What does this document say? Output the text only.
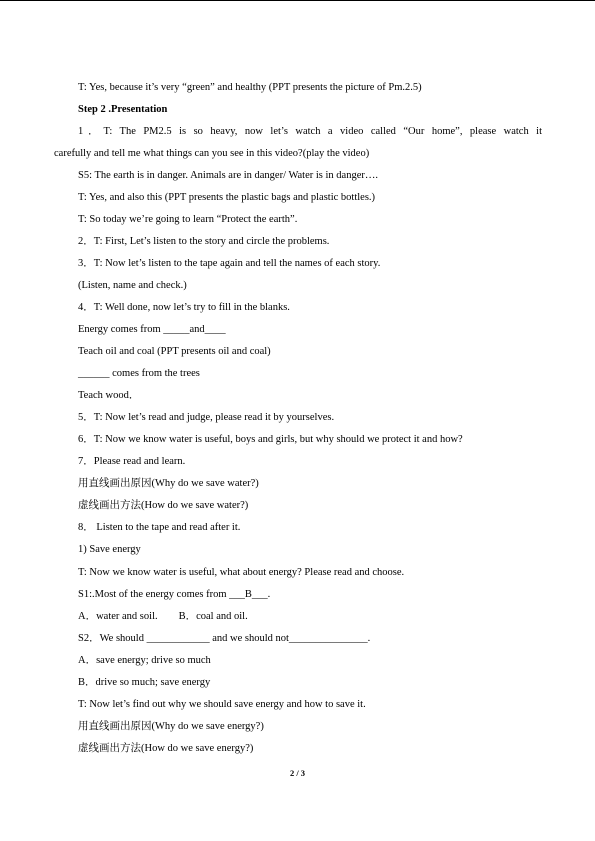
T: Yes, because it’s very “green” and healthy (PPT presents the picture of Pm.2.5)
Step 2 .Presentation
1．T: The PM2.5 is so heavy, now let’s watch a video called “Our home”, please watch it
carefully and tell me what things can you see in this video?(play the video)
S5: The earth is in danger. Animals are in danger/ Water is in danger….
T: Yes, and also this (PPT presents the plastic bags and plastic bottles.)
T: So today we’re going to learn “Protect the earth”.
2．T: First, Let’s listen to the story and circle the problems.
3．T: Now let’s listen to the tape again and tell the names of each story.
(Listen, name and check.)
4．T: Well done, now let’s try to fill in the blanks.
Energy comes from _____and____
Teach oil and coal (PPT presents oil and coal)
______ comes from the trees
Teach wood．
5．T: Now let’s read and judge, please read it by yourselves.
6．T: Now we know water is useful, boys and girls, but why should we protect it and how?
7．Please read and learn.
用直线画出原因(Why do we save water?)
虚线画出方法(How do we save water?)
8． Listen to the tape and read after it.
1) Save energy
T: Now we know water is useful, what about energy? Please read and choose.
S1:.Most of the energy comes from ___B___.
A．water and soil.        B．coal and oil.
S2．We should ____________ and we should not_______________.
A．save energy; drive so much
B．drive so much; save energy
T: Now let’s find out why we should save energy and how to save it.
用直线画出原因(Why do we save energy?)
虚线画出方法(How do we save energy?)
2 / 3
